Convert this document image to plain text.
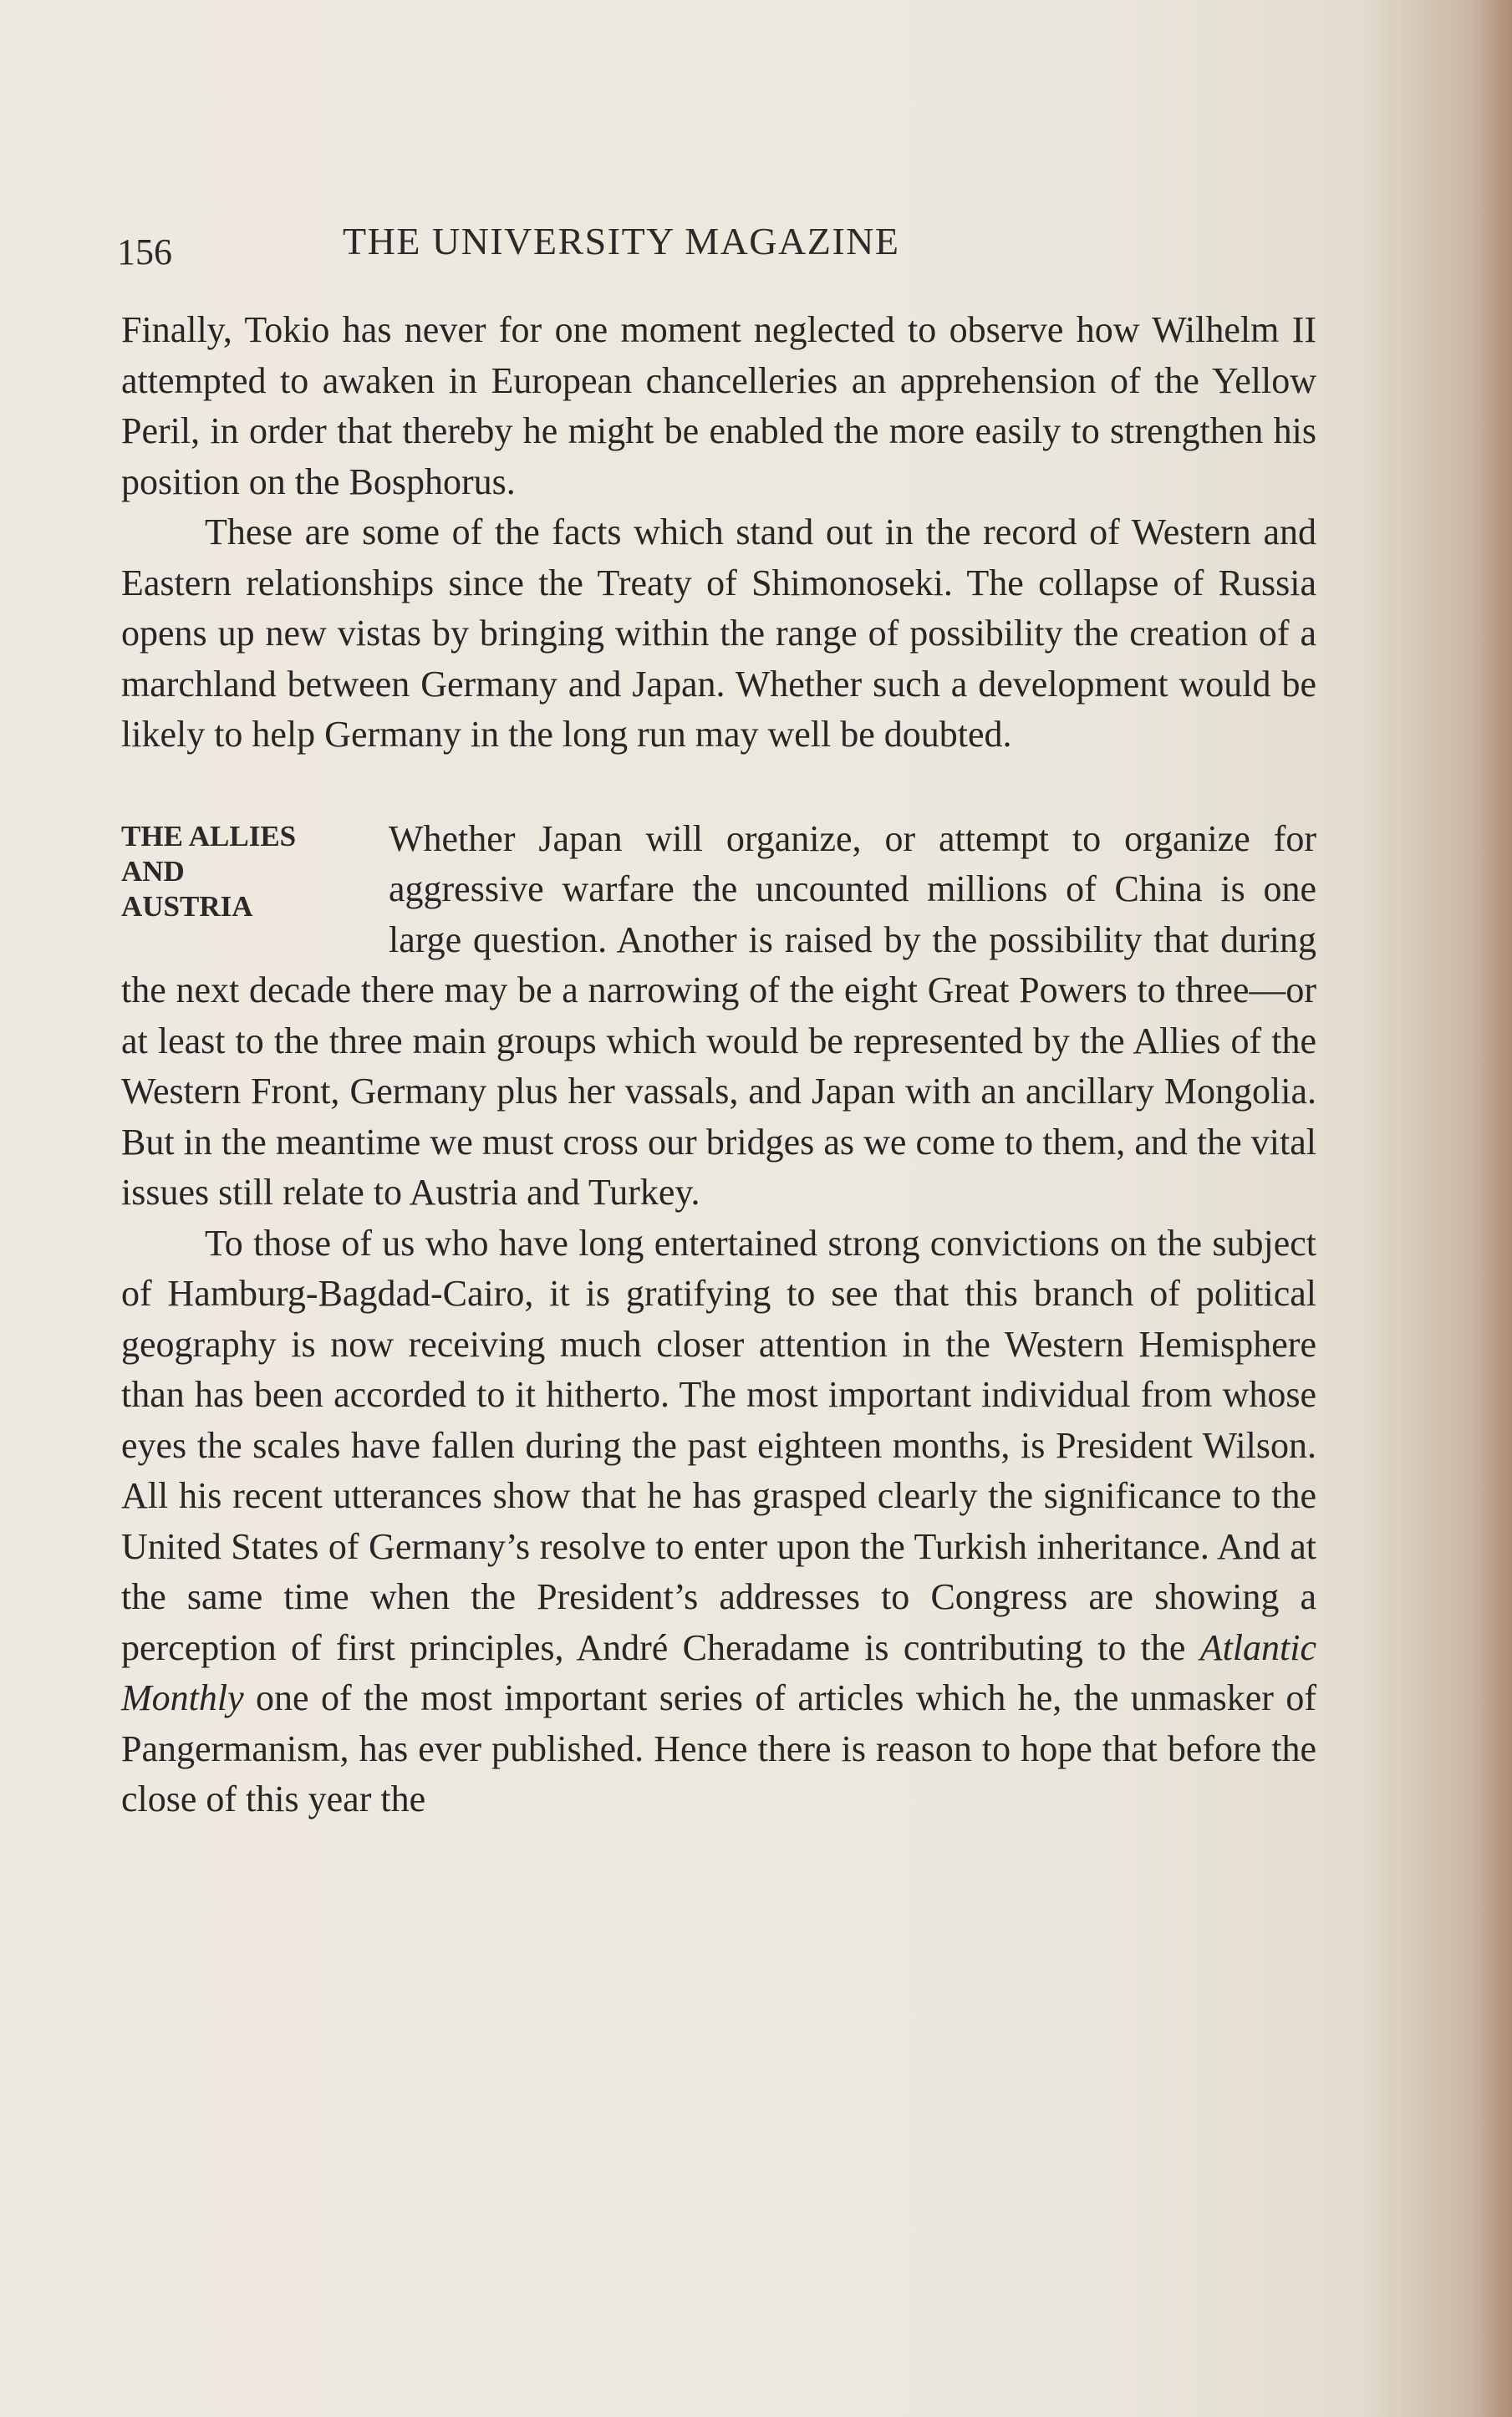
156	THE UNIVERSITY MAGAZINE

Finally, Tokio has never for one moment neglected to observe how Wilhelm II attempted to awaken in European chancelleries an apprehension of the Yellow Peril, in order that thereby he might be enabled the more easily to strengthen his position on the Bosphorus.

These are some of the facts which stand out in the record of Western and Eastern relationships since the Treaty of Shimonoseki. The collapse of Russia opens up new vistas by bringing within the range of possibility the creation of a marchland between Germany and Japan. Whether such a development would be likely to help Germany in the long run may well be doubted.

THE ALLIES
AND
AUSTRIA

Whether Japan will organize, or attempt to organize for aggressive warfare the uncounted millions of China is one large question. Another is raised by the possibility that during the next decade there may be a narrowing of the eight Great Powers to three—or at least to the three main groups which would be represented by the Allies of the Western Front, Germany plus her vassals, and Japan with an ancillary Mongolia. But in the meantime we must cross our bridges as we come to them, and the vital issues still relate to Austria and Turkey.

To those of us who have long entertained strong convictions on the subject of Hamburg-Bagdad-Cairo, it is gratifying to see that this branch of political geography is now receiving much closer attention in the Western Hemisphere than has been accorded to it hitherto. The most important individual from whose eyes the scales have fallen during the past eighteen months, is President Wilson. All his recent utterances show that he has grasped clearly the significance to the United States of Germany’s resolve to enter upon the Turkish inheritance. And at the same time when the President’s addresses to Congress are showing a perception of first principles, André Cheradame is contributing to the Atlantic Monthly one of the most important series of articles which he, the unmasker of Pangermanism, has ever published. Hence there is reason to hope that before the close of this year the
